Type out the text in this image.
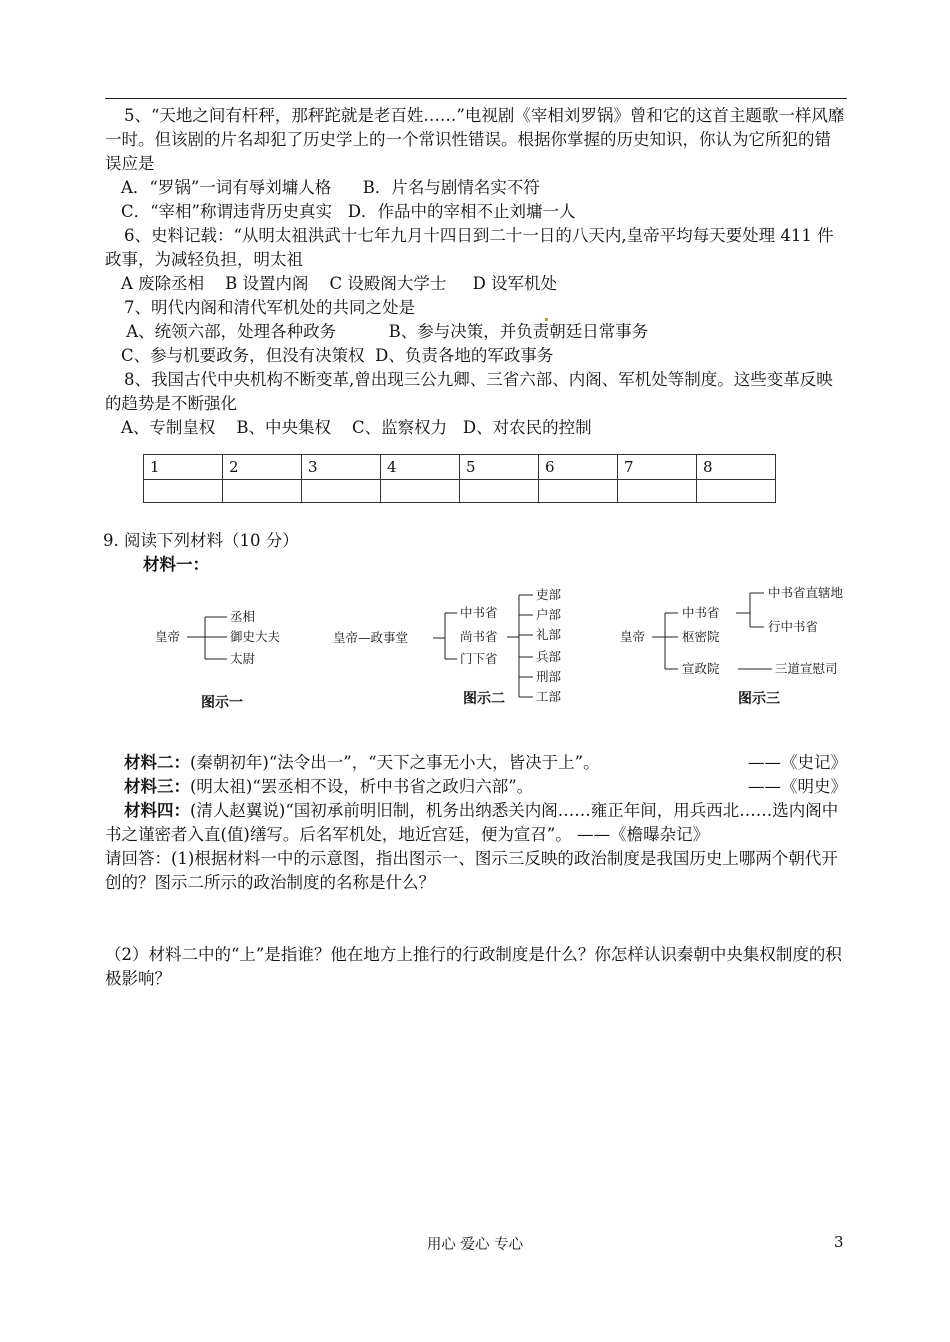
5、“天地之间有杆秤，那秤跎就是老百姓……”电视剧《宰相刘罗锅》曾和它的这首主题歌一样风靡一时。但该剧的片名却犯了历史学上的一个常识性错误。根据你掌握的历史知识，你认为它所犯的错误应是

A．“罗锅”一词有辱刘墉人格      B．片名与剧情名实不符

C．“宰相”称谓违背历史真实   D．作品中的宰相不止刘墉一人

6、史料记载：“从明太祖洪武十七年九月十四日到二十一日的八天内,皇帝平均每天要处理 411 件政事，为减轻负担，明太祖

A 废除丞相    B 设置内阁    C 设殿阁大学士     D 设军机处

7、明代内阁和清代军机处的共同之处是

A、统领六部，处理各种政务          B、参与决策，并负责朝廷日常事务

C、参与机要政务，但没有决策权  D、负责各地的军政事务

8、我国古代中央机构不断变革,曾出现三公九卿、三省六部、内阁、军机处等制度。这些变革反映的趋势是不断强化

A、专制皇权    B、中央集权    C、监察权力   D、对农民的控制

1	2	3	4	5	6	7	8

9. 阅读下列材料（10 分）

材料一：

皇帝
丞相
御史大夫
太尉
图示一
皇帝—政事堂
中书省
尚书省
门下省
吏部
户部
礼部
兵部
刑部
工部
图示二
皇帝
中书省
枢密院
宣政院
中书省直辖地
行中书省
三道宣慰司
图示三

材料二：(秦朝初年)“法令出一”，“天下之事无小大，皆决于上”。	——《史记》

材料三：(明太祖)“罢丞相不设，析中书省之政归六部”。	——《明史》

材料四：(清人赵翼说)“国初承前明旧制，机务出纳悉关内阁……雍正年间，用兵西北……选内阁中书之谨密者入直(值)缮写。后名军机处，地近宫廷，便为宣召”。 ——《檐曝杂记》

请回答：(1)根据材料一中的示意图，指出图示一、图示三反映的政治制度是我国历史上哪两个朝代开创的？图示二所示的政治制度的名称是什么？

（2）材料二中的“上”是指谁？他在地方上推行的行政制度是什么？你怎样认识秦朝中央集权制度的积极影响？

用心 爱心 专心	3
